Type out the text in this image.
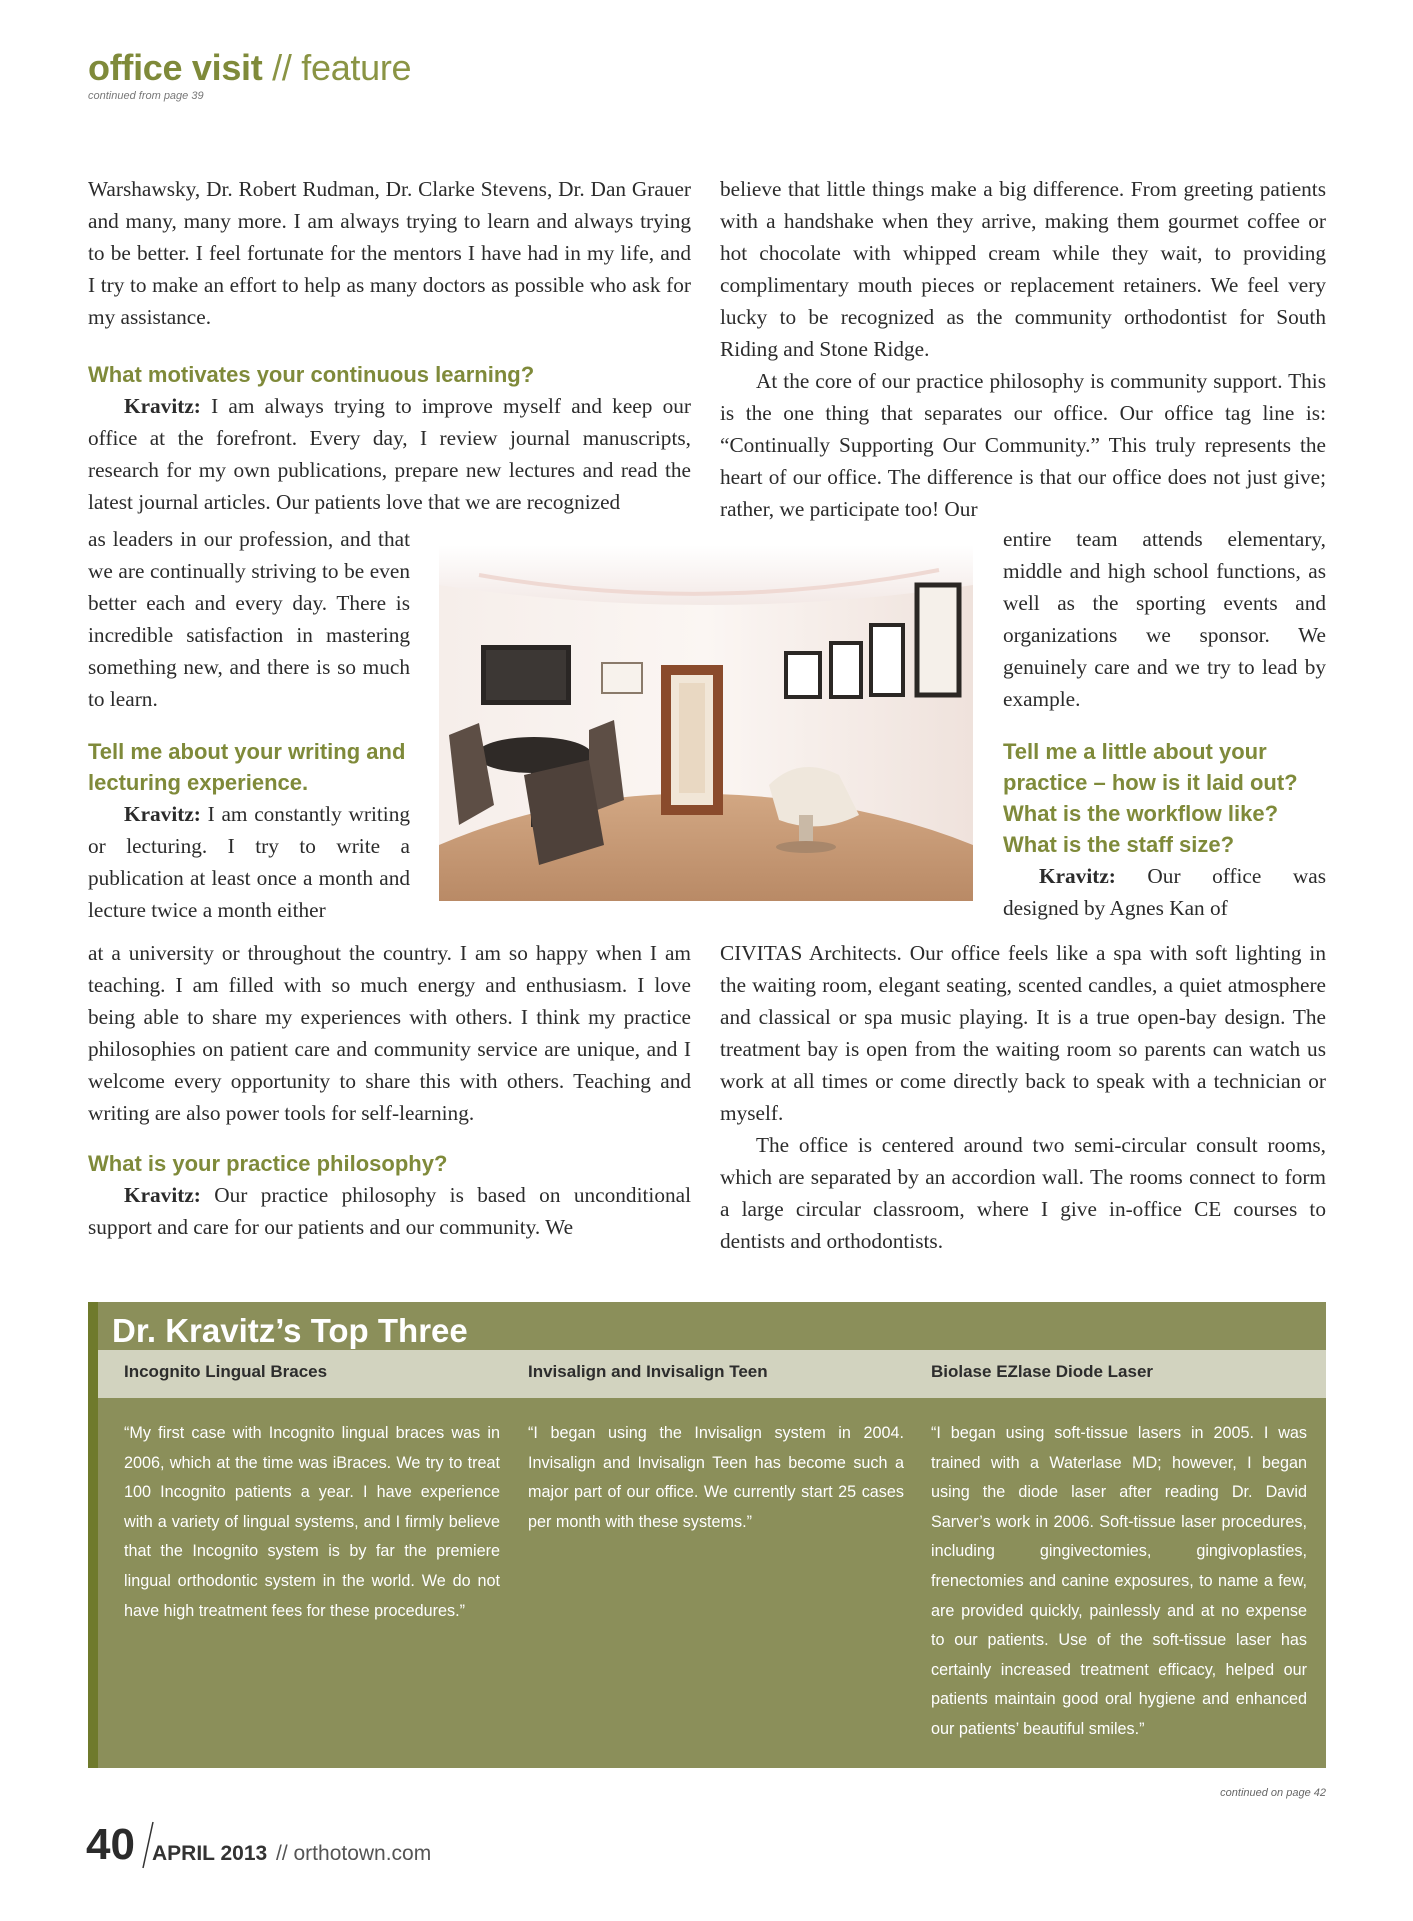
office visit // feature
continued from page 39

Warshawsky, Dr. Robert Rudman, Dr. Clarke Stevens, Dr. Dan Grauer and many, many more. I am always trying to learn and always trying to be better. I feel fortunate for the mentors I have had in my life, and I try to make an effort to help as many doctors as possible who ask for my assistance.

What motivates your continuous learning?

Kravitz: I am always trying to improve myself and keep our office at the forefront. Every day, I review journal manuscripts, research for my own publications, prepare new lectures and read the latest journal articles. Our patients love that we are recognized

as leaders in our profession, and that we are continually striving to be even better each and every day. There is incredible satisfaction in mastering something new, and there is so much to learn.

Tell me about your writing and lecturing experience.

Kravitz: I am constantly writing or lecturing. I try to write a publication at least once a month and lecture twice a month either

at a university or throughout the country. I am so happy when I am teaching. I am filled with so much energy and enthusiasm. I love being able to share my experiences with others. I think my practice philosophies on patient care and community service are unique, and I welcome every opportunity to share this with others. Teaching and writing are also power tools for self-learning.

What is your practice philosophy?

Kravitz: Our practice philosophy is based on unconditional support and care for our patients and our community. We

believe that little things make a big difference. From greeting patients with a handshake when they arrive, making them gourmet coffee or hot chocolate with whipped cream while they wait, to providing complimentary mouth pieces or replacement retainers. We feel very lucky to be recognized as the community orthodontist for South Riding and Stone Ridge.

At the core of our practice philosophy is community support. This is the one thing that separates our office. Our office tag line is: “Continually Supporting Our Community.” This truly represents the heart of our office. The difference is that our office does not just give; rather, we participate too! Our

entire team attends elementary, middle and high school functions, as well as the sporting events and organizations we sponsor. We genuinely care and we try to lead by example.

Tell me a little about your practice – how is it laid out? What is the workflow like? What is the staff size?

Kravitz: Our office was designed by Agnes Kan of

CIVITAS Architects. Our office feels like a spa with soft lighting in the waiting room, elegant seating, scented candles, a quiet atmosphere and classical or spa music playing. It is a true open-bay design. The treatment bay is open from the waiting room so parents can watch us work at all times or come directly back to speak with a technician or myself.

The office is centered around two semi-circular consult rooms, which are separated by an accordion wall. The rooms connect to form a large circular classroom, where I give in-office CE courses to dentists and orthodontists.

Dr. Kravitz’s Top Three
Incognito Lingual Braces	Invisalign and Invisalign Teen	Biolase EZlase Diode Laser
“My first case with Incognito lingual braces was in 2006, which at the time was iBraces. We try to treat 100 Incognito patients a year. I have experience with a variety of lingual systems, and I firmly believe that the Incognito system is by far the premiere lingual orthodontic system in the world. We do not have high treatment fees for these procedures.”
“I began using the Invisalign system in 2004. Invisalign and Invisalign Teen has become such a major part of our office. We currently start 25 cases per month with these systems.”
“I began using soft-tissue lasers in 2005. I was trained with a Waterlase MD; however, I began using the diode laser after reading Dr. David Sarver’s work in 2006. Soft-tissue laser procedures, including gingivectomies, gingivoplasties, frenectomies and canine exposures, to name a few, are provided quickly, painlessly and at no expense to our patients. Use of the soft-tissue laser has certainly increased treatment efficacy, helped our patients maintain good oral hygiene and enhanced our patients’ beautiful smiles.”
continued on page 42
40 APRIL 2013 // orthotown.com
